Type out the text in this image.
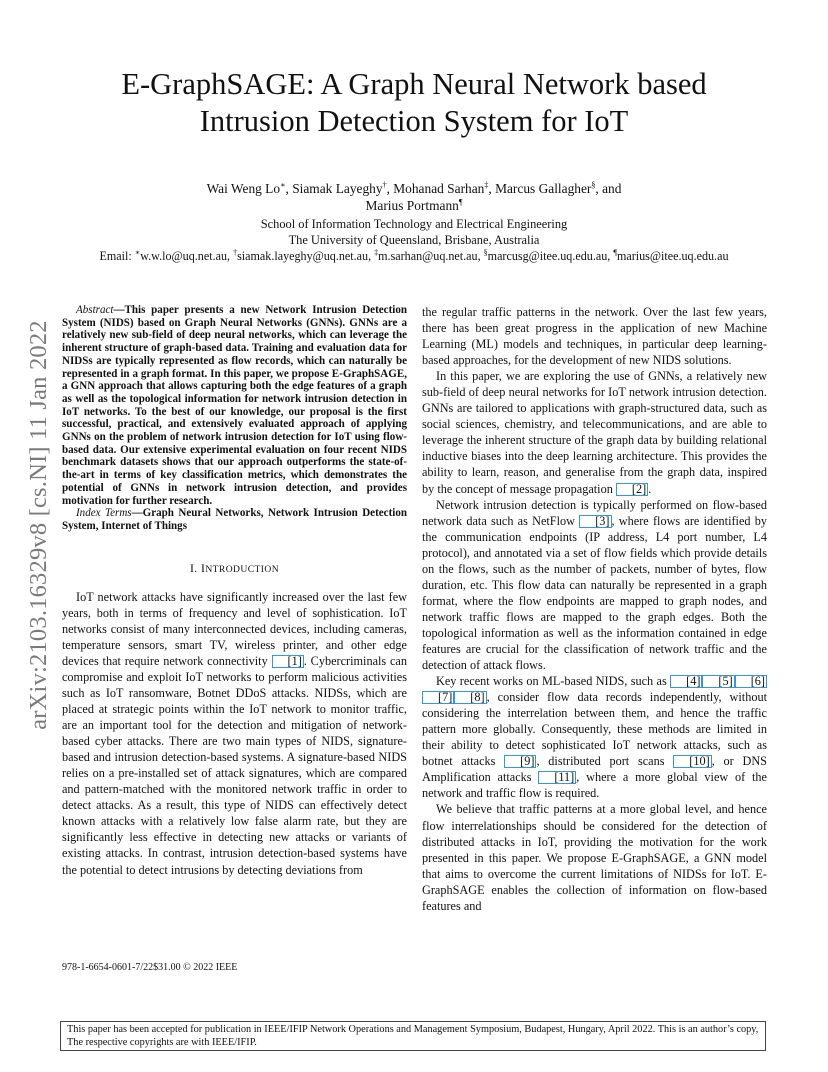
arXiv:2103.16329v8 [cs.NI] 11 Jan 2022
E-GraphSAGE: A Graph Neural Network based
Intrusion Detection System for IoT
Wai Weng Lo∗, Siamak Layeghy†, Mohanad Sarhan‡, Marcus Gallagher§, and
Marius Portmann¶
School of Information Technology and Electrical Engineering
The University of Queensland, Brisbane, Australia
Email: ∗w.w.lo@uq.net.au, †siamak.layeghy@uq.net.au, ‡m.sarhan@uq.net.au, §marcusg@itee.uq.edu.au, ¶marius@itee.uq.edu.au

Abstract—This paper presents a new Network Intrusion Detection System (NIDS) based on Graph Neural Networks (GNNs). GNNs are a relatively new sub-field of deep neural networks, which can leverage the inherent structure of graph-based data. Training and evaluation data for NIDSs are typically represented as flow records, which can naturally be represented in a graph format. In this paper, we propose E-GraphSAGE, a GNN approach that allows capturing both the edge features of a graph as well as the topological information for network intrusion detection in IoT networks. To the best of our knowledge, our proposal is the first successful, practical, and extensively evaluated approach of applying GNNs on the problem of network intrusion detection for IoT using flow-based data. Our extensive experimental evaluation on four recent NIDS benchmark datasets shows that our approach outperforms the state-of-the-art in terms of key classification metrics, which demonstrates the potential of GNNs in network intrusion detection, and provides motivation for further research.

Index Terms—Graph Neural Networks, Network Intrusion Detection System, Internet of Things

I. INTRODUCTION

IoT network attacks have significantly increased over the last few years, both in terms of frequency and level of sophistication. IoT networks consist of many interconnected devices, including cameras, temperature sensors, smart TV, wireless printer, and other edge devices that require network connectivity [1] . Cybercriminals can compromise and exploit IoT networks to perform malicious activities such as IoT ransomware, Botnet DDoS attacks. NIDSs, which are placed at strategic points within the IoT network to monitor traffic, are an important tool for the detection and mitigation of network-based cyber attacks. There are two main types of NIDS, signature-based and intrusion detection-based systems. A signature-based NIDS relies on a pre-installed set of attack signatures, which are compared and pattern-matched with the monitored network traffic in order to detect attacks. As a result, this type of NIDS can effectively detect known attacks with a relatively low false alarm rate, but they are significantly less effective in detecting new attacks or variants of existing attacks. In contrast, intrusion detection-based systems have the potential to detect intrusions by detecting deviations from

978-1-6654-0601-7/22$31.00 © 2022 IEEE

the regular traffic patterns in the network. Over the last few years, there has been great progress in the application of new Machine Learning (ML) models and techniques, in particular deep learning-based approaches, for the development of new NIDS solutions.

In this paper, we are exploring the use of GNNs, a relatively new sub-field of deep neural networks for IoT network intrusion detection. GNNs are tailored to applications with graph-structured data, such as social sciences, chemistry, and telecommunications, and are able to leverage the inherent structure of the graph data by building relational inductive biases into the deep learning architecture. This provides the ability to learn, reason, and generalise from the graph data, inspired by the concept of message propagation [2] .

Network intrusion detection is typically performed on flow-based network data such as NetFlow [3] , where flows are identified by the communication endpoints (IP address, L4 port number, L4 protocol), and annotated via a set of flow fields which provide details on the flows, such as the number of packets, number of bytes, flow duration, etc. This flow data can naturally be represented in a graph format, where the flow endpoints are mapped to graph nodes, and network traffic flows are mapped to the graph edges. Both the topological information as well as the information contained in edge features are crucial for the classification of network traffic and the detection of attack flows.

Key recent works on ML-based NIDS, such as [4] [5] [6][7] [8] , consider flow data records independently, without considering the interrelation between them, and hence the traffic pattern more globally. Consequently, these methods are limited in their ability to detect sophisticated IoT network attacks, such as botnet attacks [9] , distributed port scans [10] , or DNS Amplification attacks [11] , where a more global view of the network and traffic flow is required.

We believe that traffic patterns at a more global level, and hence flow interrelationships should be considered for the detection of distributed attacks in IoT, providing the motivation for the work presented in this paper. We propose E-GraphSAGE, a GNN model that aims to overcome the current limitations of NIDSs for IoT. E-GraphSAGE enables the collection of information on flow-based features and

This paper has been accepted for publication in IEEE/IFIP Network Operations and Management Symposium, Budapest, Hungary, April 2022. This is an author’s copy, The respective copyrights are with IEEE/IFIP.
